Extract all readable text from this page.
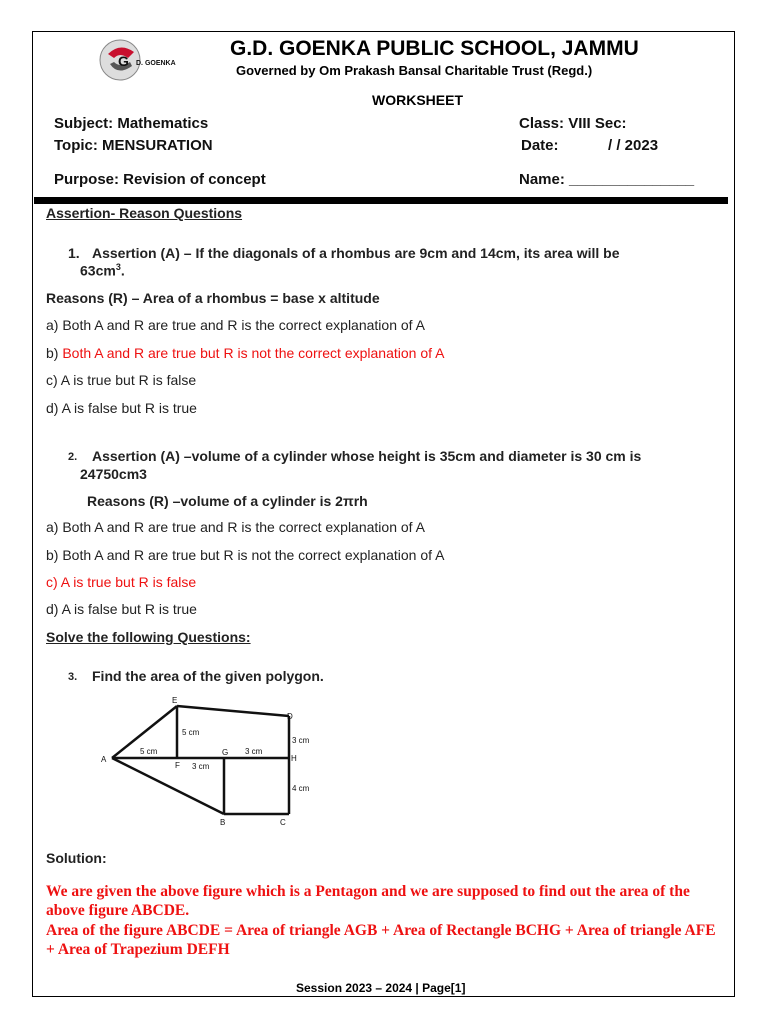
G D. GOENKA
G.D. GOENKA PUBLIC SCHOOL, JAMMU
Governed by Om Prakash Bansal Charitable Trust (Regd.)
WORKSHEET
Subject: Mathematics	Class: VIII Sec:
Topic: MENSURATION	Date:	/ / 2023
Purpose: Revision of concept	Name: _______________
Assertion- Reason Questions
1. Assertion (A) – If the diagonals of a rhombus are 9cm and 14cm, its area will be
$63cm^3$.
Reasons (R) – Area of a rhombus = base x altitude
a) Both A and R are true and R is the correct explanation of A
b) Both A and R are true but R is not the correct explanation of A
c) A is true but R is false
d) A is false but R is true
2. Assertion (A) –volume of a cylinder whose height is 35cm and diameter is 30 cm is
24750cm3
Reasons (R) –volume of a cylinder is 2πrh
a) Both A and R are true and R is the correct explanation of A
b) Both A and R are true but R is not the correct explanation of A
c) A is true but R is false
d) A is false but R is true
Solve the following Questions:
3. Find the area of the given polygon.
A
B	C
D
E
F
G
H
5 cm
5 cm
3 cm
3 cm
3 cm
4 cm
Solution:
We are given the above figure which is a Pentagon and we are supposed to find out the area of the above figure ABCDE.
Area of the figure ABCDE = Area of triangle AGB + Area of Rectangle BCHG + Area of triangle AFE + Area of Trapezium DEFH
Session 2023 – 2024 | Page[1]
